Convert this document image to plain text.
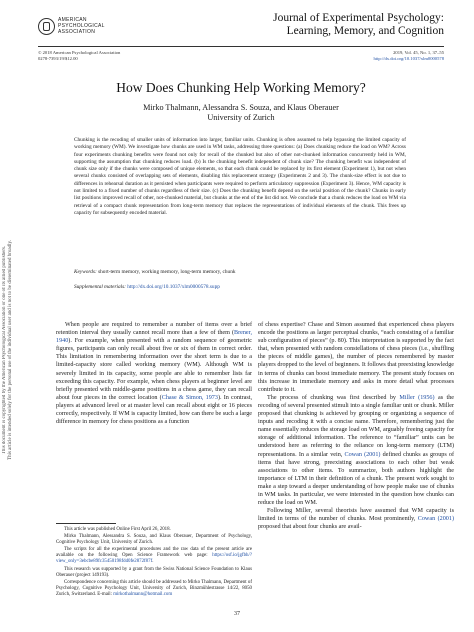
This document is copyrighted by the American Psychological Association or one of its allied publishers. This article is intended solely for the personal use of the individual user and is not to be disseminated broadly.
AMERICAN
PSYCHOLOGICAL
ASSOCIATION
Journal of Experimental Psychology:
Learning, Memory, and Cognition
© 2018 American Psychological Association
0278-7393/19/$12.00
2019, Vol. 45, No. 1, 37–55
http://dx.doi.org/10.1037/xlm0000578
How Does Chunking Help Working Memory?
Mirko Thalmann, Alessandra S. Souza, and Klaus Oberauer
University of Zurich
Chunking is the recoding of smaller units of information into larger, familiar units. Chunking is often assumed to help bypassing the limited capacity of working memory (WM). We investigate how chunks are used in WM tasks, addressing three questions: (a) Does chunking reduce the load on WM? Across four experiments chunking benefits were found not only for recall of the chunked but also of other not-chunked information concurrently held in WM, supporting the assumption that chunking reduces load. (b) Is the chunking benefit independent of chunk size? The chunking benefit was independent of chunk size only if the chunks were composed of unique elements, so that each chunk could be replaced by its first element (Experiment 1), but not when several chunks consisted of overlapping sets of elements, disabling this replacement strategy (Experiments 2 and 3). The chunk-size effect is not due to differences in rehearsal duration as it persisted when participants were required to perform articulatory suppression (Experiment 3). Hence, WM capacity is not limited to a fixed number of chunks regardless of their size. (c) Does the chunking benefit depend on the serial position of the chunk? Chunks in early list positions improved recall of other, not-chunked material, but chunks at the end of the list did not. We conclude that a chunk reduces the load on WM via retrieval of a compact chunk representation from long-term memory that replaces the representations of individual elements of the chunk. This frees up capacity for subsequently encoded material.
Keywords: short-term memory, working memory, long-term memory, chunk
Supplemental materials: http://dx.doi.org/10.1037/xlm0000578.supp

When people are required to remember a number of items over a brief retention interval they usually cannot recall more than a few of them (Brener, 1940). For example, when presented with a random sequence of geometric figures, participants can only recall about five or six of them in correct order. This limitation in remembering information over the short term is due to a limited-capacity store called working memory (WM). Although WM is severely limited in its capacity, some people are able to remember lists far exceeding this capacity. For example, when chess players at beginner level are briefly presented with middle-game positions in a chess game, they can recall about four pieces in the correct location (Chase & Simon, 1973). In contrast, players at advanced level or at master level can recall about eight or 16 pieces correctly, respectively. If WM is capacity limited, how can there be such a large difference in memory for chess positions as a function

of chess expertise? Chase and Simon assumed that experienced chess players encode the positions as larger perceptual chunks, “each consisting of a familiar sub configuration of pieces” (p. 80). This interpretation is supported by the fact that, when presented with random constellations of chess pieces (i.e., shuffling the pieces of middle games), the number of pieces remembered by master players dropped to the level of beginners. It follows that preexisting knowledge in terms of chunks can boost immediate memory. The present study focuses on this increase in immediate memory and asks in more detail what processes contribute to it.

The process of chunking was first described by Miller (1956) as the recoding of several presented stimuli into a single familiar unit or chunk. Miller proposed that chunking is achieved by grouping or organizing a sequence of inputs and recoding it with a concise name. Therefore, remembering just the name essentially reduces the storage load on WM, arguably freeing capacity for storage of additional information. The reference to “familiar” units can be understood here as referring to the reliance on long-term memory (LTM) representations. In a similar vein, Cowan (2001) defined chunks as groups of items that have strong, preexisting associations to each other but weak associations to other items. To summarize, both authors highlight the importance of LTM in their definition of a chunk. The present work sought to make a step toward a deeper understanding of how people make use of chunks in WM tasks. In particular, we were interested in the question how chunks can reduce the load on WM.

Following Miller, several theorists have assumed that WM capacity is limited in terms of the number of chunks. Most prominently, Cowan (2001) proposed that about four chunks are avail-

This article was published Online First April 26, 2018.

Mirko Thalmann, Alessandra S. Souza, and Klaus Oberauer, Department of Psychology, Cognitive Psychology Unit, University of Zurich.

The scripts for all the experimental procedures and the raw data of the present article are available on the following Open Science Framework web page: https://osf.io/jgfbh/?view_only=3ebcbe89fc35450198fdd0fe2872f87f.

This research was supported by a grant from the Swiss National Science Foundation to Klaus Oberauer (project 149193).

Correspondence concerning this article should be addressed to Mirko Thalmann, Department of Psychology, Cognitive Psychology Unit, University of Zurich, Binzmühlestrasse 14/22, 8050 Zurich, Switzerland. E-mail: mirkothalmann@hotmail.com

37
